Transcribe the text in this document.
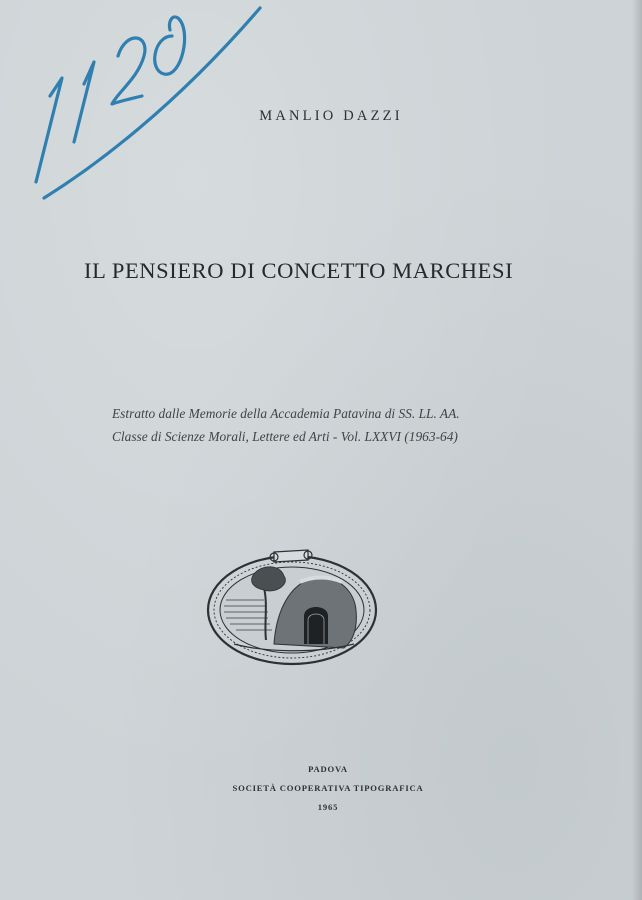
MANLIO DAZZI
IL PENSIERO DI CONCETTO MARCHESI
Estratto dalle Memorie della Accademia Patavina di SS. LL. AA.
Classe di Scienze Morali, Lettere ed Arti - Vol. LXXVI (1963-64)
PADOVA
SOCIETÀ COOPERATIVA TIPOGRAFICA
1965
